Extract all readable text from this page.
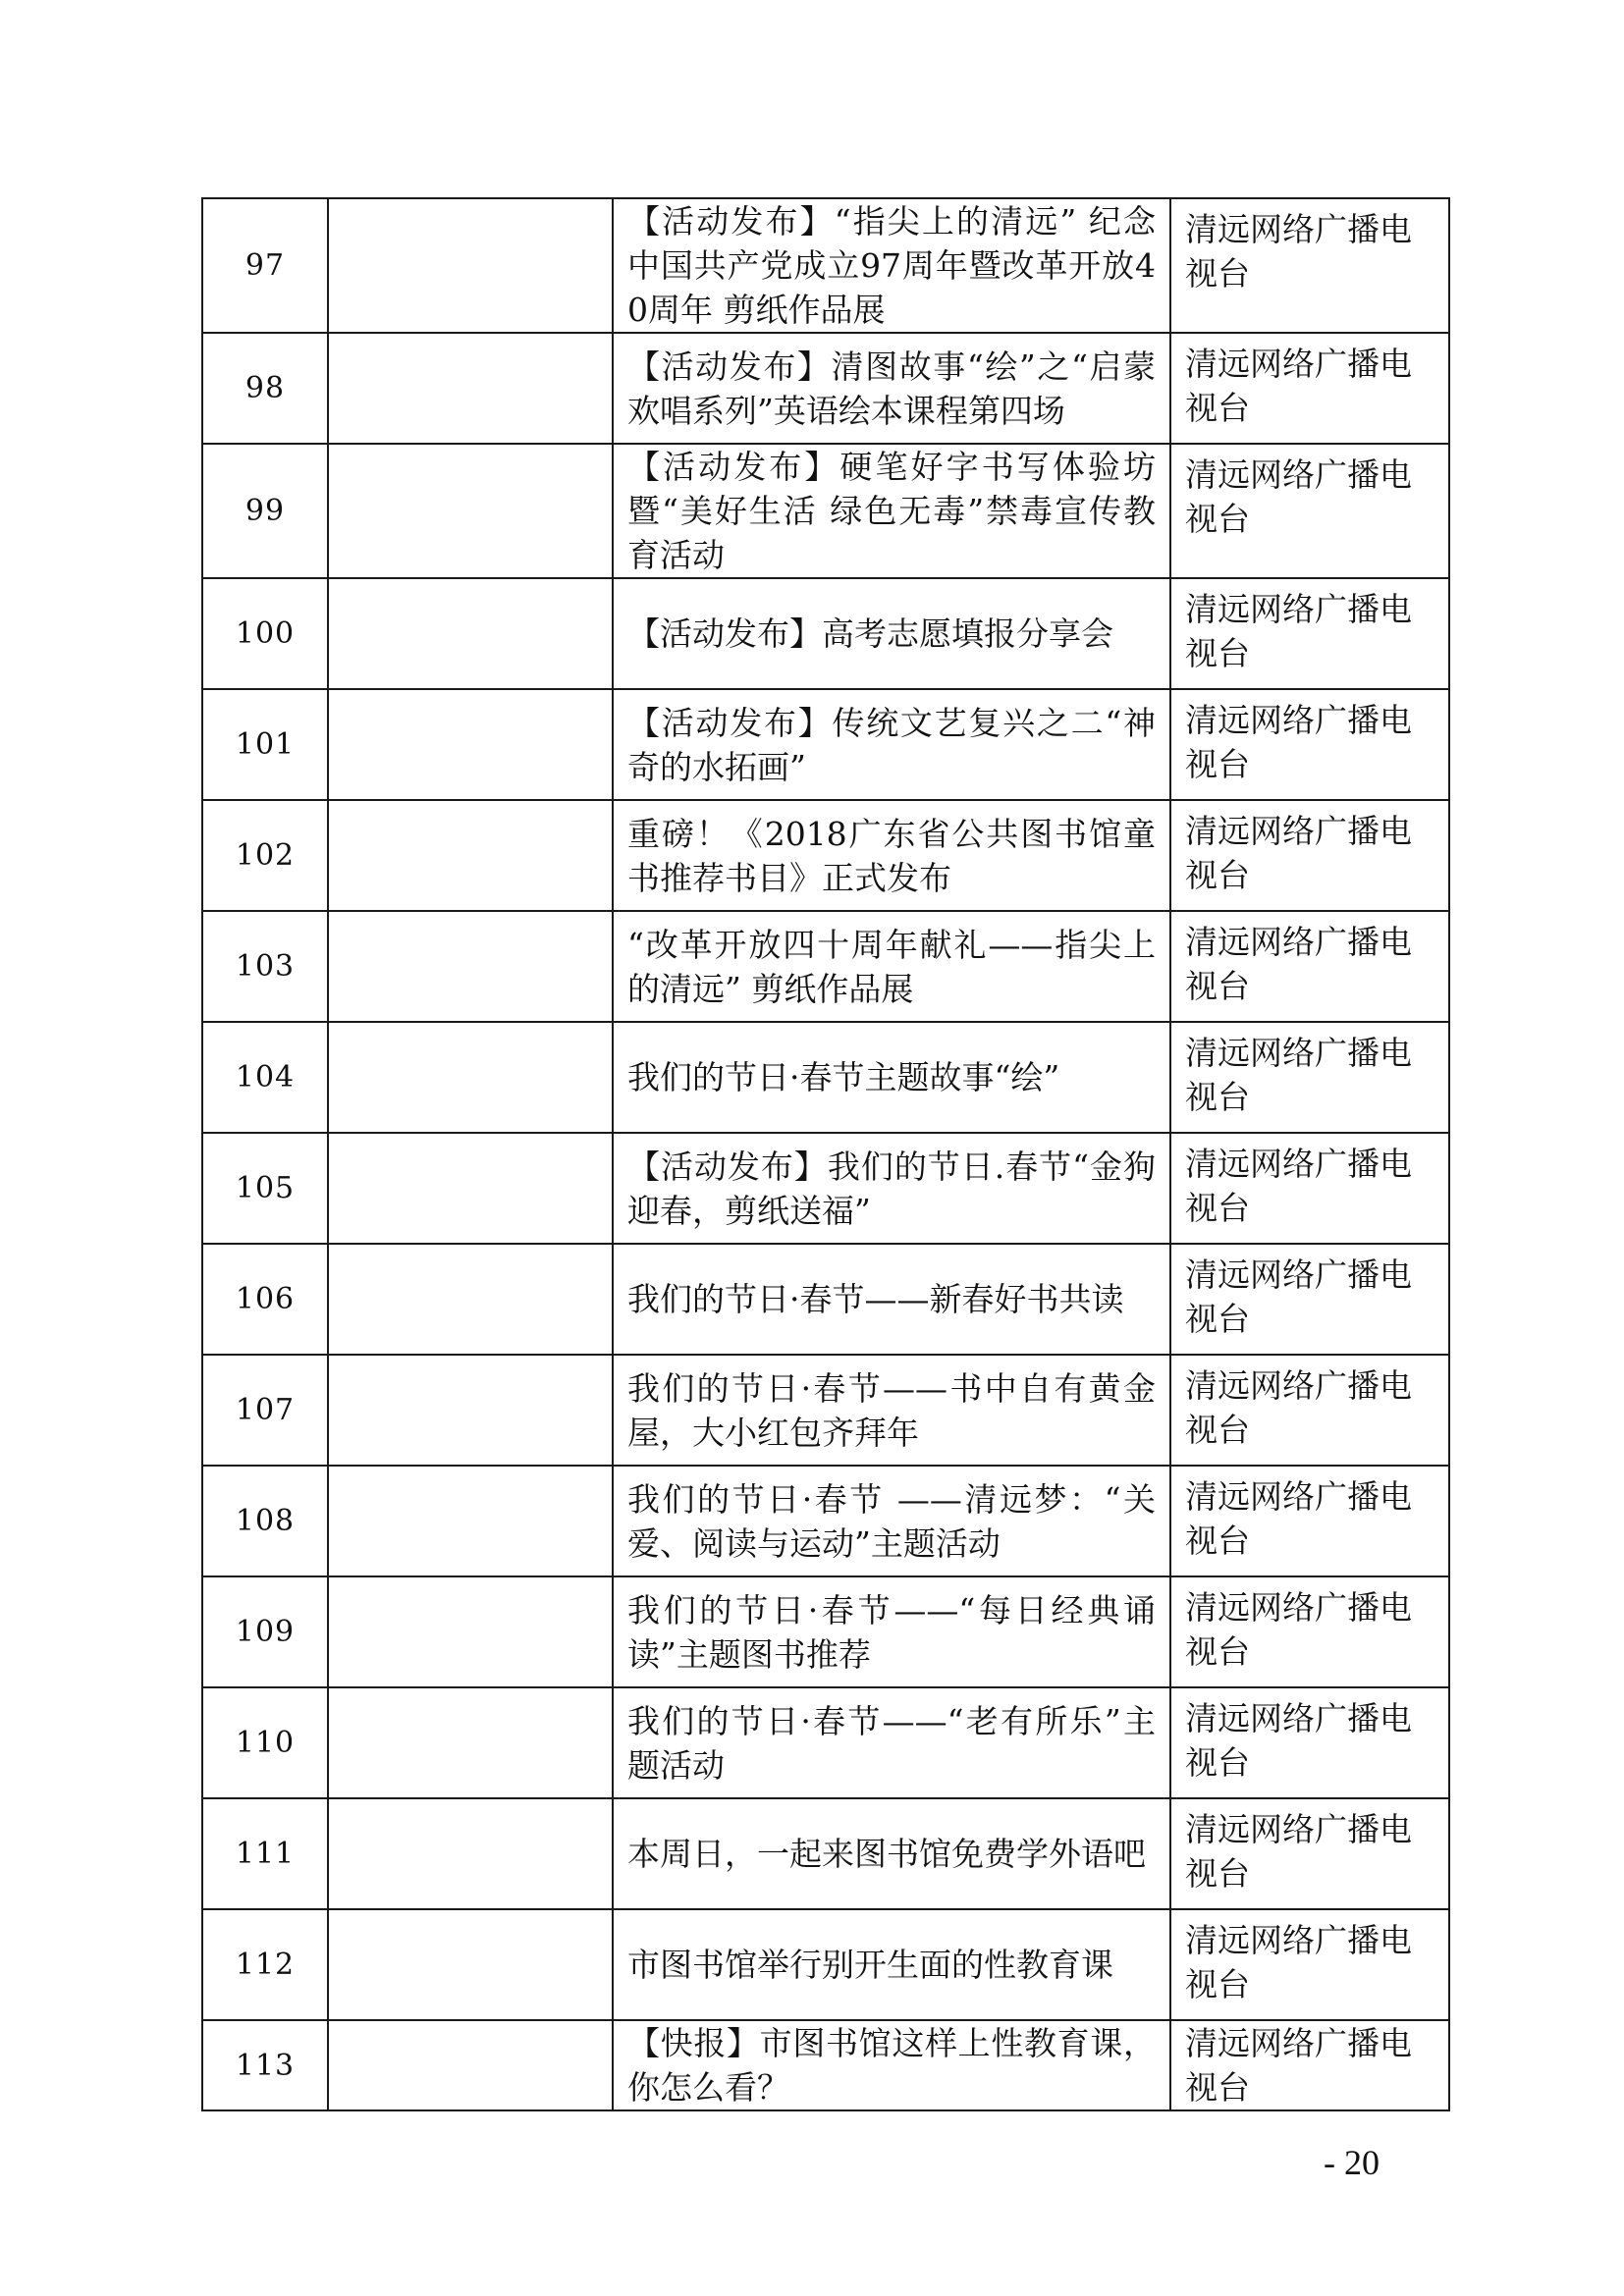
97		【活动发布】“指尖上的清远” 纪念中国共产党成立97周年暨改革开放40周年 剪纸作品展	清远网络广播电视台

98		【活动发布】清图故事“绘”之“启蒙欢唱系列”英语绘本课程第四场	清远网络广播电视台

99		【活动发布】硬笔好字书写体验坊暨“美好生活 绿色无毒”禁毒宣传教育活动	清远网络广播电视台

100		【活动发布】高考志愿填报分享会	清远网络广播电视台

101		【活动发布】传统文艺复兴之二“神奇的水拓画”	清远网络广播电视台

102		重磅！《2018广东省公共图书馆童书推荐书目》正式发布	清远网络广播电视台

103		“改革开放四十周年献礼——指尖上的清远” 剪纸作品展	清远网络广播电视台

104		我们的节日·春节主题故事“绘”	清远网络广播电视台

105		【活动发布】我们的节日.春节“金狗迎春，剪纸送福”	清远网络广播电视台

106		我们的节日·春节——新春好书共读	清远网络广播电视台

107		我们的节日·春节——书中自有黄金屋，大小红包齐拜年	清远网络广播电视台

108		我们的节日·春节 ——清远梦：“关爱、阅读与运动”主题活动	清远网络广播电视台

109		我们的节日·春节——“每日经典诵读”主题图书推荐	清远网络广播电视台

110		我们的节日·春节——“老有所乐”主题活动	清远网络广播电视台

111		本周日，一起来图书馆免费学外语吧	清远网络广播电视台

112		市图书馆举行别开生面的性教育课	清远网络广播电视台

113		【快报】市图书馆这样上性教育课，你怎么看？	清远网络广播电视台
- 20
